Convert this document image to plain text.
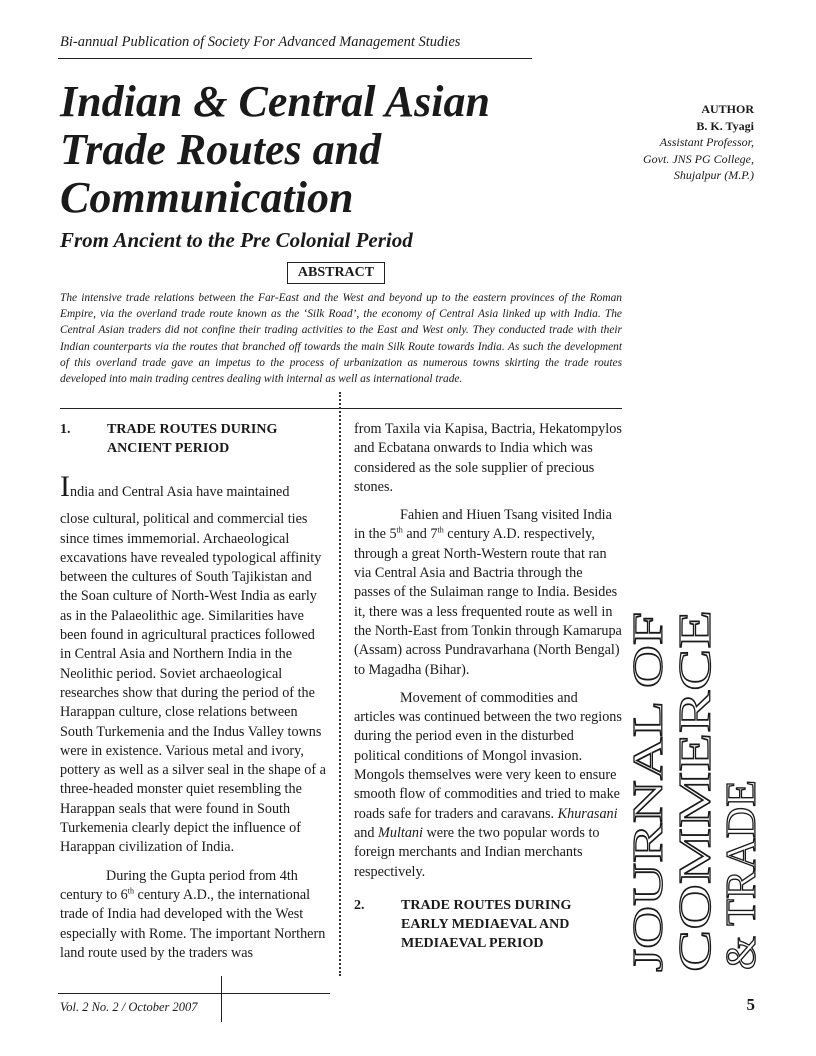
Bi-annual Publication of Society For Advanced Management Studies
Indian & Central Asian
Trade Routes and
Communication
From Ancient to the Pre Colonial Period
AUTHOR
B. K. Tyagi
Assistant Professor,
Govt. JNS PG College,
Shujalpur (M.P.)
ABSTRACT

The intensive trade relations between the Far-East and the West and beyond up to the eastern provinces of the Roman Empire, via the overland trade route known as the ‘Silk Road’, the economy of Central Asia linked up with India. The Central Asian traders did not confine their trading activities to the East and West only. They conducted trade with their Indian counterparts via the routes that branched off towards the main Silk Route towards India. As such the development of this overland trade gave an impetus to the process of urbanization as numerous towns skirting the trade routes developed into main trading centres dealing with internal as well as international trade.

1.	TRADE ROUTES DURING ANCIENT PERIOD

India and Central Asia have maintained

close cultural, political and commercial ties since times immemorial. Archaeological excavations have revealed typological affinity between the cultures of South Tajikistan and the Soan culture of North-West India as early as in the Palaeolithic age. Similarities have been found in agricultural practices followed in Central Asia and Northern India in the Neolithic period. Soviet archaeological researches show that during the period of the Harappan culture, close relations between South Turkemenia and the Indus Valley towns were in existence. Various metal and ivory, pottery as well as a silver seal in the shape of a three-headed monster quiet resembling the Harappan seals that were found in South Turkemenia clearly depict the influence of Harappan civilization of India.

During the Gupta period from 4th century to 6th century A.D., the international trade of India had developed with the West especially with Rome. The important Northern land route used by the traders was

from Taxila via Kapisa, Bactria, Hekatompylos and Ecbatana onwards to India which was considered as the sole supplier of precious stones.

Fahien and Hiuen Tsang visited India in the 5th and 7th century A.D. respectively, through a great North-Western route that ran via Central Asia and Bactria through the passes of the Sulaiman range to India. Besides it, there was a less frequented route as well in the North-East from Tonkin through Kamarupa (Assam) across Pundravarhana (North Bengal) to Magadha (Bihar).

Movement of commodities and articles was continued between the two regions during the period even in the disturbed political conditions of Mongol invasion. Mongols themselves were very keen to ensure smooth flow of commodities and tried to make roads safe for traders and caravans. Khurasani and Multani were the two popular words to foreign merchants and Indian merchants respectively.

2.	TRADE ROUTES DURING EARLY MEDIAEVAL AND MEDIAEVAL PERIOD	JOURNAL OF
COMMERCE & TRADE
Vol. 2 No. 2 / October 2007	5
